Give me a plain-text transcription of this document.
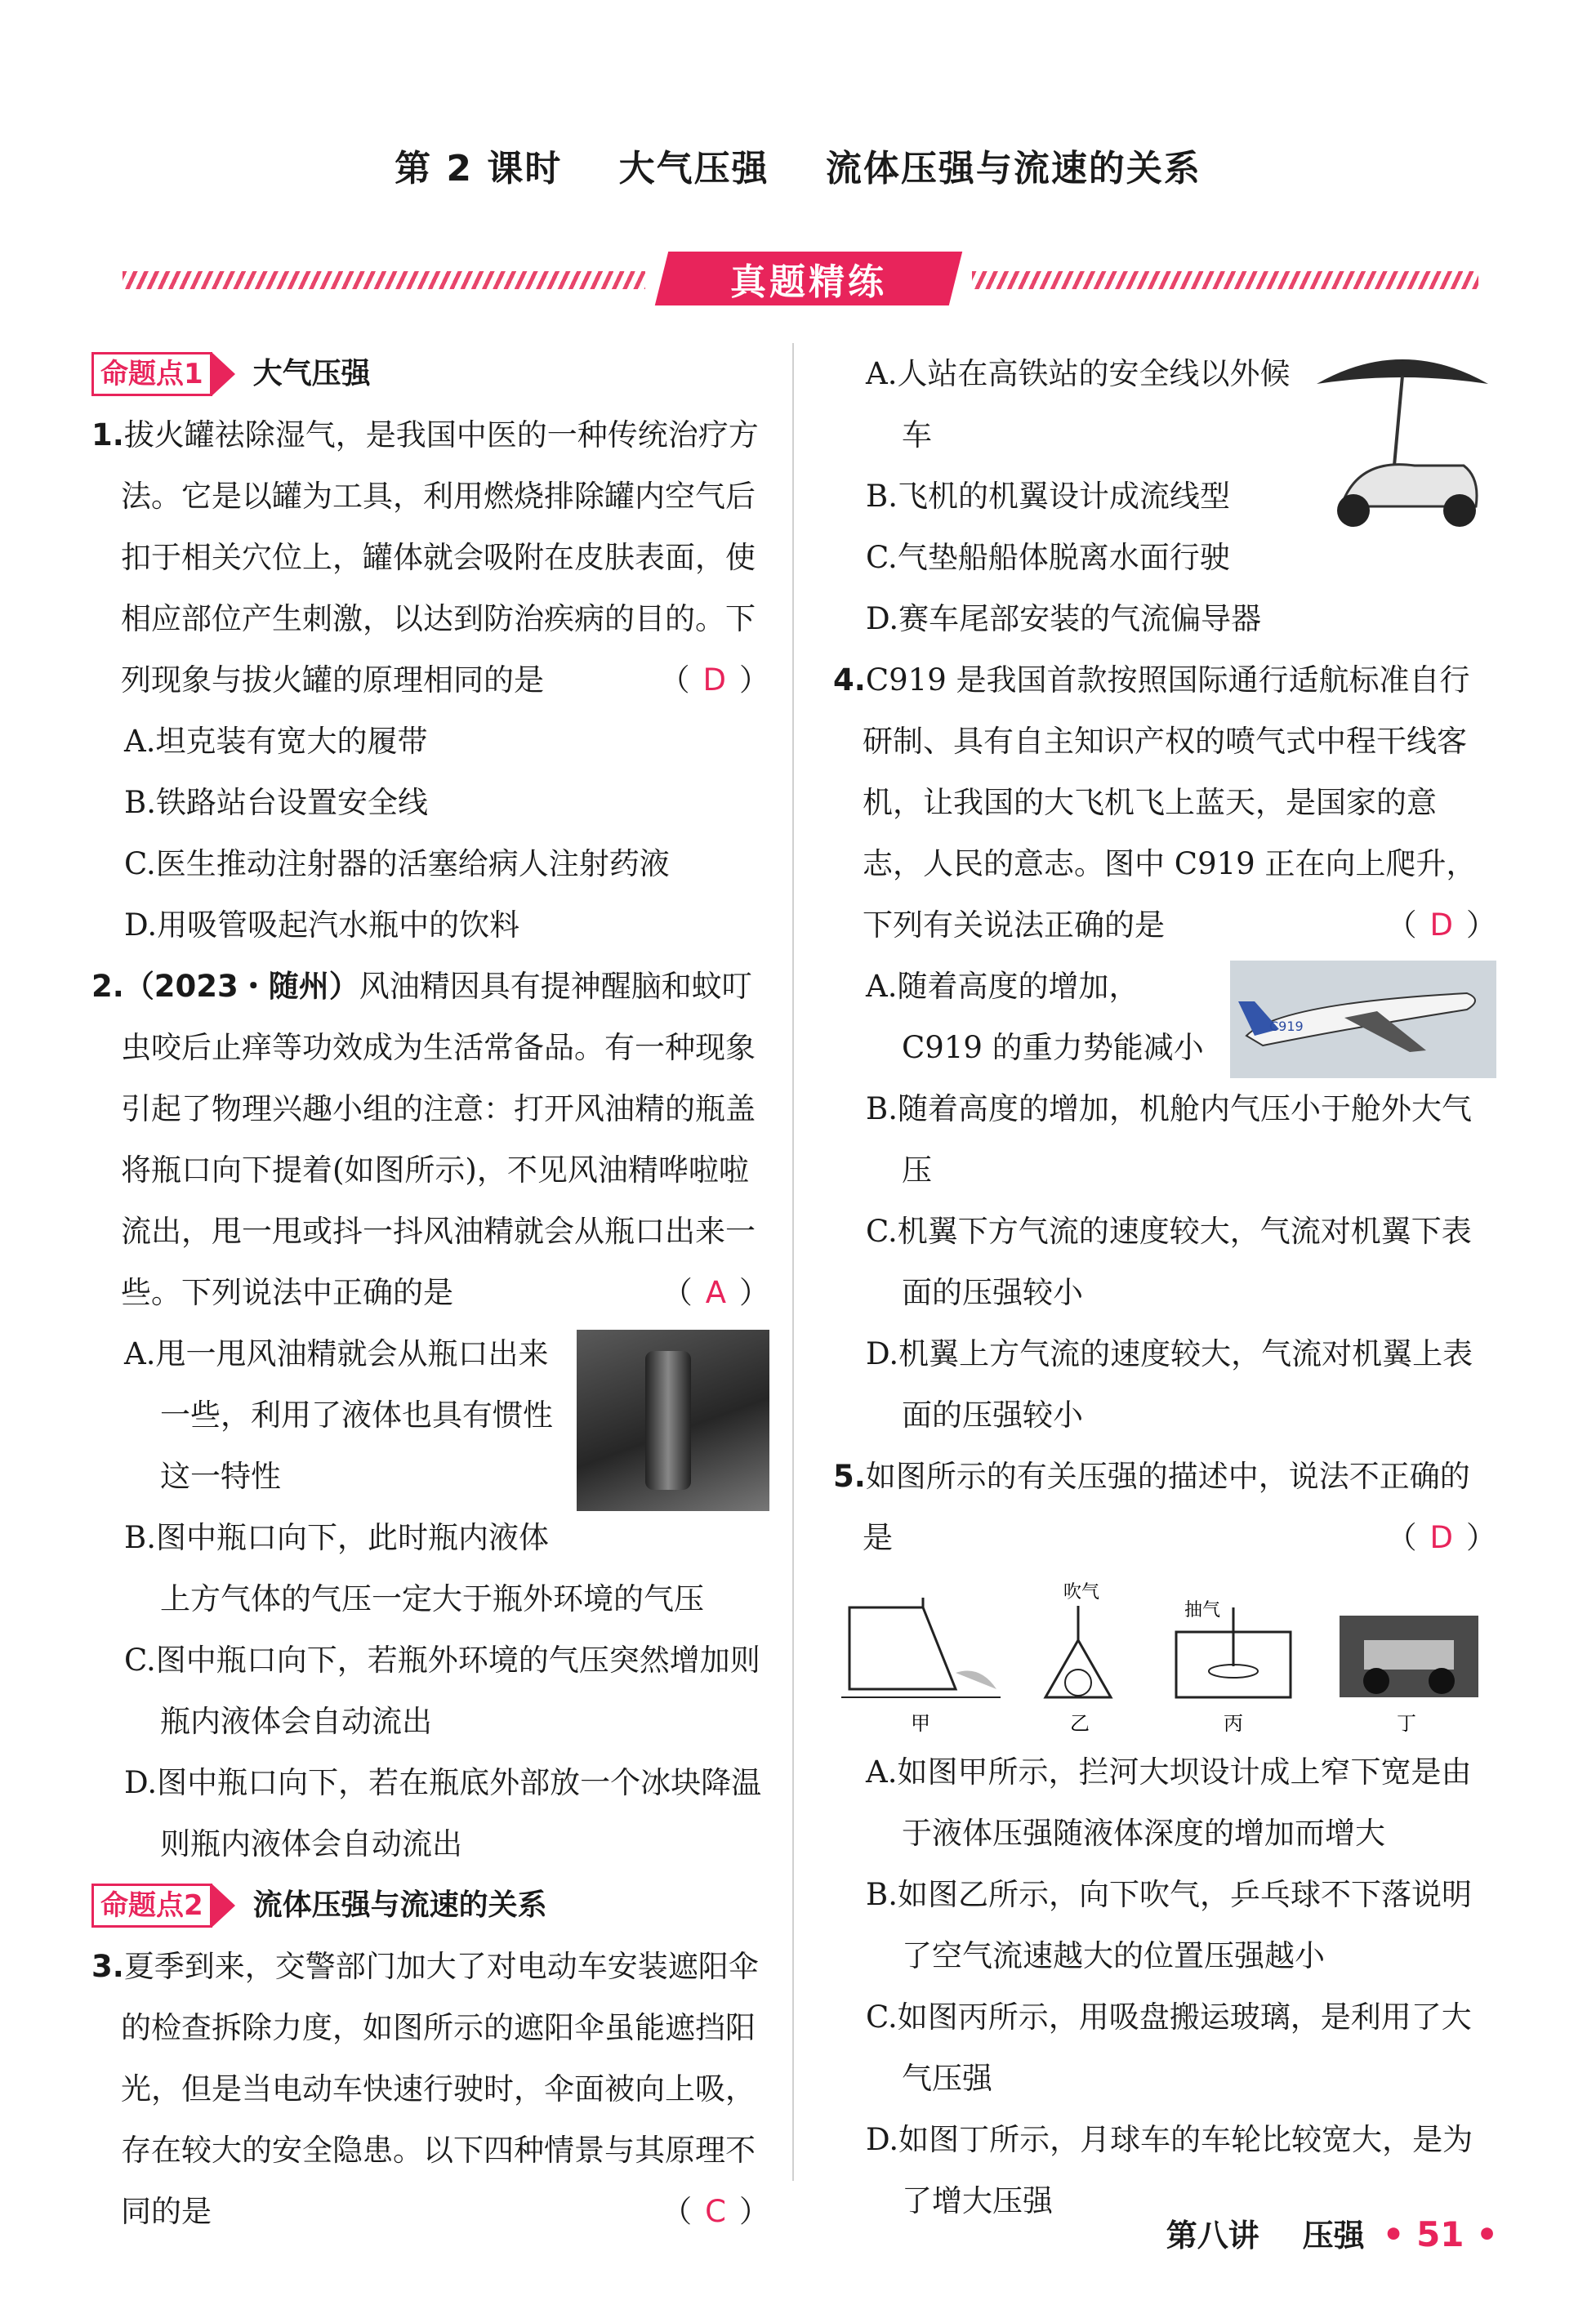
第 2 课时    大气压强    流体压强与流速的关系
真题精练
命题点1	大气压强
1.拔火罐祛除湿气，是我国中医的一种传统治疗方法。它是以罐为工具，利用燃烧排除罐内空气后扣于相关穴位上，罐体就会吸附在皮肤表面，使相应部位产生刺激，以达到防治疾病的目的。下列现象与拔火罐的原理相同的是	（ D ）
A.坦克装有宽大的履带
B.铁路站台设置安全线
C.医生推动注射器的活塞给病人注射药液
D.用吸管吸起汽水瓶中的饮料
2.（2023・随州）风油精因具有提神醒脑和蚊叮虫咬后止痒等功效成为生活常备品。有一种现象引起了物理兴趣小组的注意：打开风油精的瓶盖将瓶口向下提着(如图所示)，不见风油精哗啦啦流出，甩一甩或抖一抖风油精就会从瓶口出来一些。下列说法中正确的是	（ A ）
A.甩一甩风油精就会从瓶口出来一些，利用了液体也具有惯性这一特性
B.图中瓶口向下，此时瓶内液体上方气体的气压一定大于瓶外环境的气压
C.图中瓶口向下，若瓶外环境的气压突然增加则瓶内液体会自动流出
D.图中瓶口向下，若在瓶底外部放一个冰块降温则瓶内液体会自动流出
命题点2	流体压强与流速的关系
3.夏季到来，交警部门加大了对电动车安装遮阳伞的检查拆除力度，如图所示的遮阳伞虽能遮挡阳光，但是当电动车快速行驶时，伞面被向上吸，存在较大的安全隐患。以下四种情景与其原理不同的是	（ C ）
A.人站在高铁站的安全线以外候车
B.飞机的机翼设计成流线型
C.气垫船船体脱离水面行驶
D.赛车尾部安装的气流偏导器
4.C919 是我国首款按照国际通行适航标准自行研制、具有自主知识产权的喷气式中程干线客机，让我国的大飞机飞上蓝天，是国家的意志，人民的意志。图中 C919 正在向上爬升，下列有关说法正确的是	（ D ）
C919
A.随着高度的增加，C919 的重力势能减小
B.随着高度的增加，机舱内气压小于舱外大气压
C.机翼下方气流的速度较大，气流对机翼下表面的压强较小
D.机翼上方气流的速度较大，气流对机翼上表面的压强较小
5.如图所示的有关压强的描述中，说法不正确的是	（ D ）
甲
吹气
乙
抽气
丙	丁
A.如图甲所示，拦河大坝设计成上窄下宽是由于液体压强随液体深度的增加而增大
B.如图乙所示，向下吹气，乒乓球不下落说明了空气流速越大的位置压强越小
C.如图丙所示，用吸盘搬运玻璃，是利用了大气压强
D.如图丁所示，月球车的车轮比较宽大，是为了增大压强
第八讲    压强 • 51 •
